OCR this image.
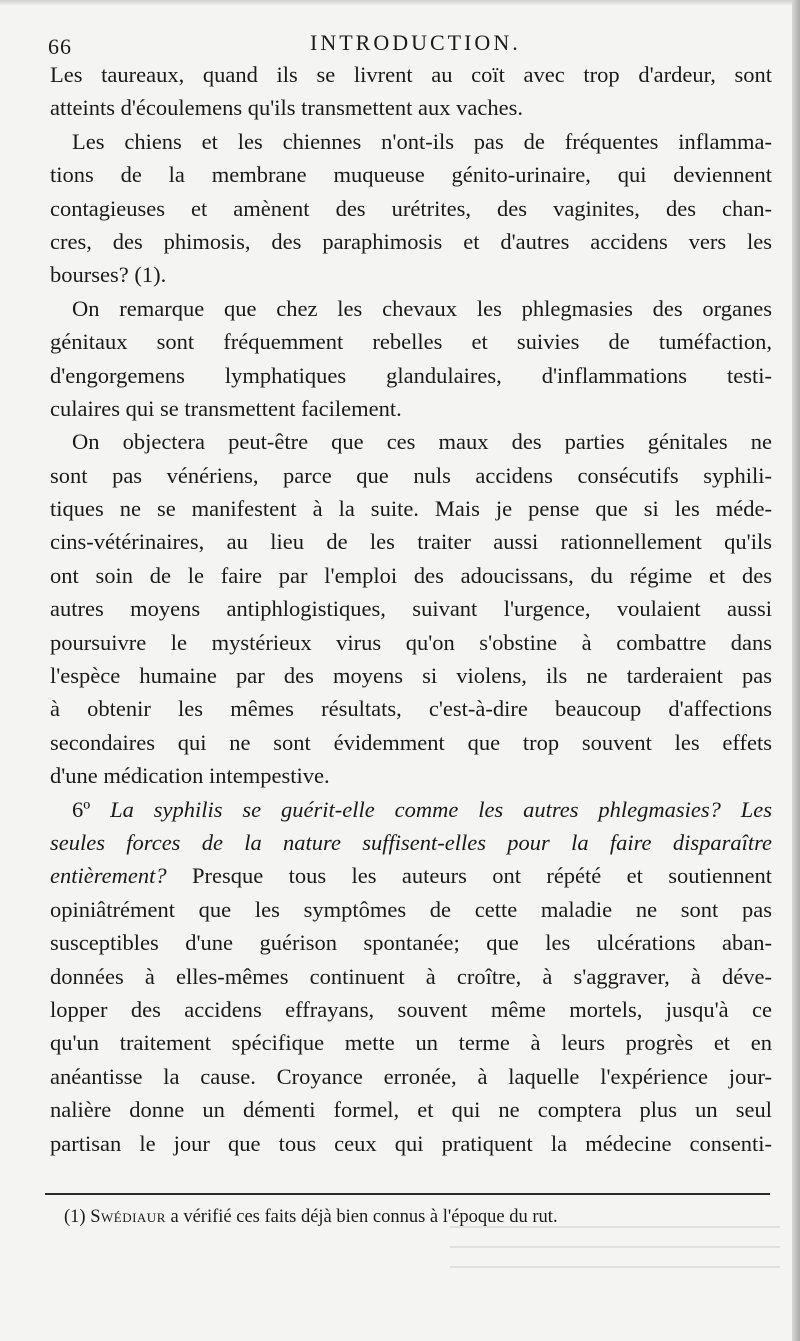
66	INTRODUCTION.
Les taureaux, quand ils se livrent au coït avec trop d'ardeur, sont
atteints d'écoulemens qu'ils transmettent aux vaches.
Les chiens et les chiennes n'ont-ils pas de fréquentes inflamma-
tions de la membrane muqueuse génito-urinaire, qui deviennent
contagieuses et amènent des urétrites, des vaginites, des chan-
cres, des phimosis, des paraphimosis et d'autres accidens vers les
bourses? (1).
On remarque que chez les chevaux les phlegmasies des organes
génitaux sont fréquemment rebelles et suivies de tuméfaction,
d'engorgemens lymphatiques glandulaires, d'inflammations testi-
culaires qui se transmettent facilement.
On objectera peut-être que ces maux des parties génitales ne
sont pas vénériens, parce que nuls accidens consécutifs syphili-
tiques ne se manifestent à la suite. Mais je pense que si les méde-
cins-vétérinaires, au lieu de les traiter aussi rationnellement qu'ils
ont soin de le faire par l'emploi des adoucissans, du régime et des
autres moyens antiphlogistiques, suivant l'urgence, voulaient aussi
poursuivre le mystérieux virus qu'on s'obstine à combattre dans
l'espèce humaine par des moyens si violens, ils ne tarderaient pas
à obtenir les mêmes résultats, c'est-à-dire beaucoup d'affections
secondaires qui ne sont évidemment que trop souvent les effets
d'une médication intempestive.
6º La syphilis se guérit-elle comme les autres phlegmasies? Les
seules forces de la nature suffisent-elles pour la faire disparaître
entièrement? Presque tous les auteurs ont répété et soutiennent
opiniâtrément que les symptômes de cette maladie ne sont pas
susceptibles d'une guérison spontanée; que les ulcérations aban-
données à elles-mêmes continuent à croître, à s'aggraver, à déve-
lopper des accidens effrayans, souvent même mortels, jusqu'à ce
qu'un traitement spécifique mette un terme à leurs progrès et en
anéantisse la cause. Croyance erronée, à laquelle l'expérience jour-
nalière donne un démenti formel, et qui ne comptera plus un seul
partisan le jour que tous ceux qui pratiquent la médecine consenti-
(1) Swédiaur a vérifié ces faits déjà bien connus à l'époque du rut.
